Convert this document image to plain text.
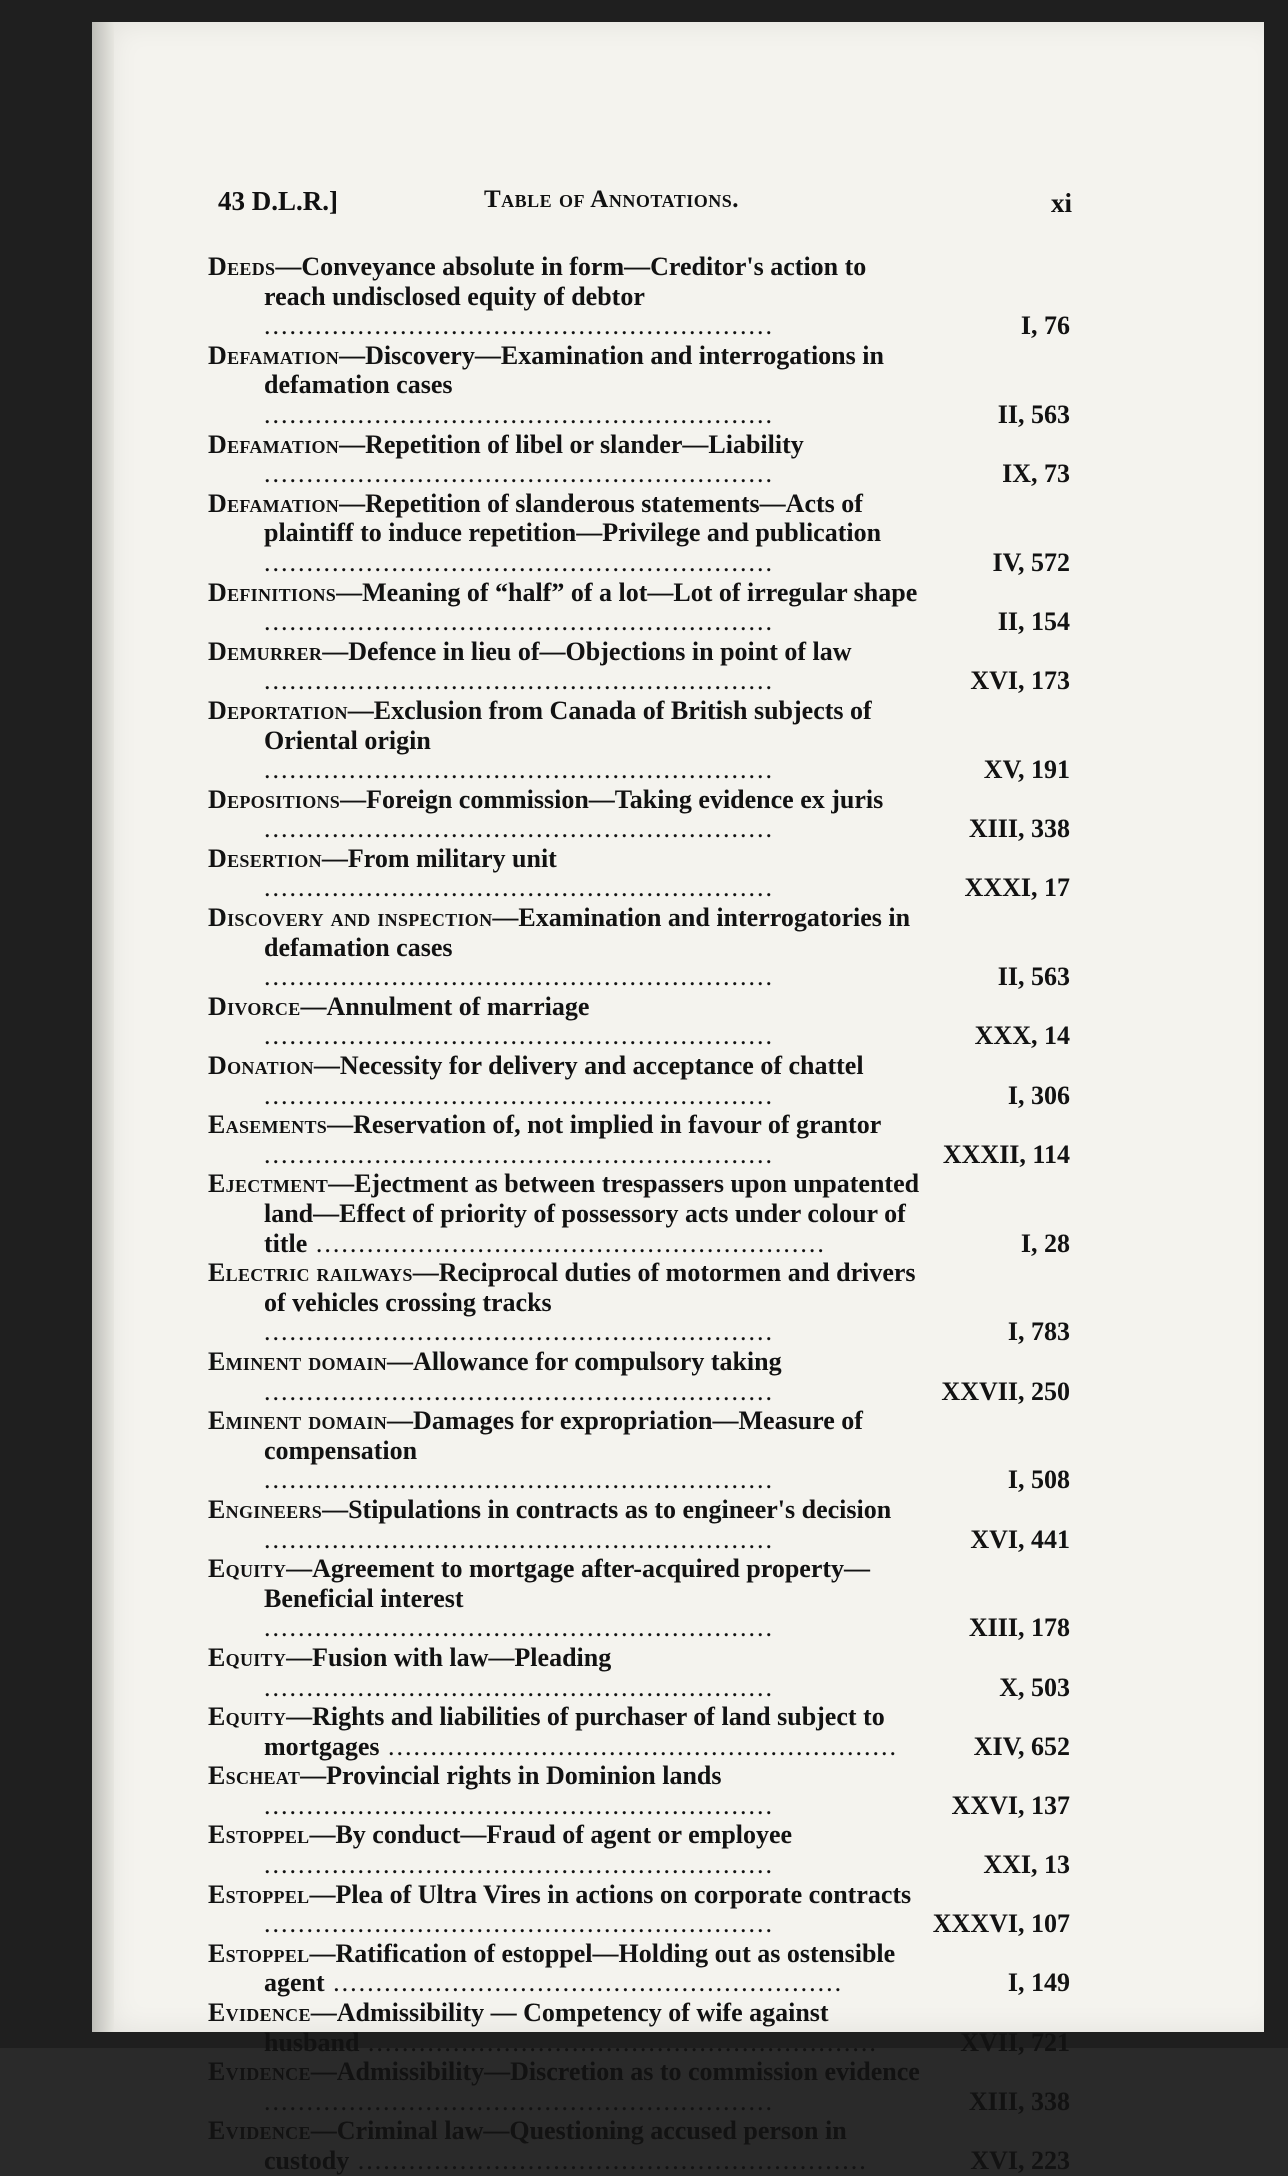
43 D.L.R.]	Table of Annotations.	xi
Deeds—Conveyance absolute in form—Creditor's action to reach undisclosed equity of debtor ............................................................	I, 76
Defamation—Discovery—Examination and interrogations in defamation cases ............................................................	II, 563
Defamation—Repetition of libel or slander—Liability ............................................................	IX, 73
Defamation—Repetition of slanderous statements—Acts of plaintiff to induce repetition—Privilege and publication ............................................................	IV, 572
Definitions—Meaning of “half” of a lot—Lot of irregular shape ............................................................	II, 154
Demurrer—Defence in lieu of—Objections in point of law ............................................................	XVI, 173
Deportation—Exclusion from Canada of British subjects of Oriental origin ............................................................	XV, 191
Depositions—Foreign commission—Taking evidence ex juris ............................................................	XIII, 338
Desertion—From military unit ............................................................	XXXI, 17
Discovery and inspection—Examination and interrogatories in defamation cases ............................................................	II, 563
Divorce—Annulment of marriage ............................................................	XXX, 14
Donation—Necessity for delivery and acceptance of chattel ............................................................	I, 306
Easements—Reservation of, not implied in favour of grantor ............................................................	XXXII, 114
Ejectment—Ejectment as between trespassers upon unpatented land—Effect of priority of possessory acts under colour of title ............................................................	I, 28
Electric railways—Reciprocal duties of motormen and drivers of vehicles crossing tracks ............................................................	I, 783
Eminent domain—Allowance for compulsory taking ............................................................	XXVII, 250
Eminent domain—Damages for expropriation—Measure of compensation ............................................................	I, 508
Engineers—Stipulations in contracts as to engineer's decision ............................................................	XVI, 441
Equity—Agreement to mortgage after-acquired property—Beneficial interest ............................................................	XIII, 178
Equity—Fusion with law—Pleading ............................................................	X, 503
Equity—Rights and liabilities of purchaser of land subject to mortgages ............................................................	XIV, 652
Escheat—Provincial rights in Dominion lands ............................................................	XXVI, 137
Estoppel—By conduct—Fraud of agent or employee ............................................................	XXI, 13
Estoppel—Plea of Ultra Vires in actions on corporate contracts ............................................................	XXXVI, 107
Estoppel—Ratification of estoppel—Holding out as ostensible agent ............................................................	I, 149
Evidence—Admissibility — Competency of wife against husband ............................................................	XVII, 721
Evidence—Admissibility—Discretion as to commission evidence ............................................................	XIII, 338
Evidence—Criminal law—Questioning accused person in custody ............................................................	XVI, 223
